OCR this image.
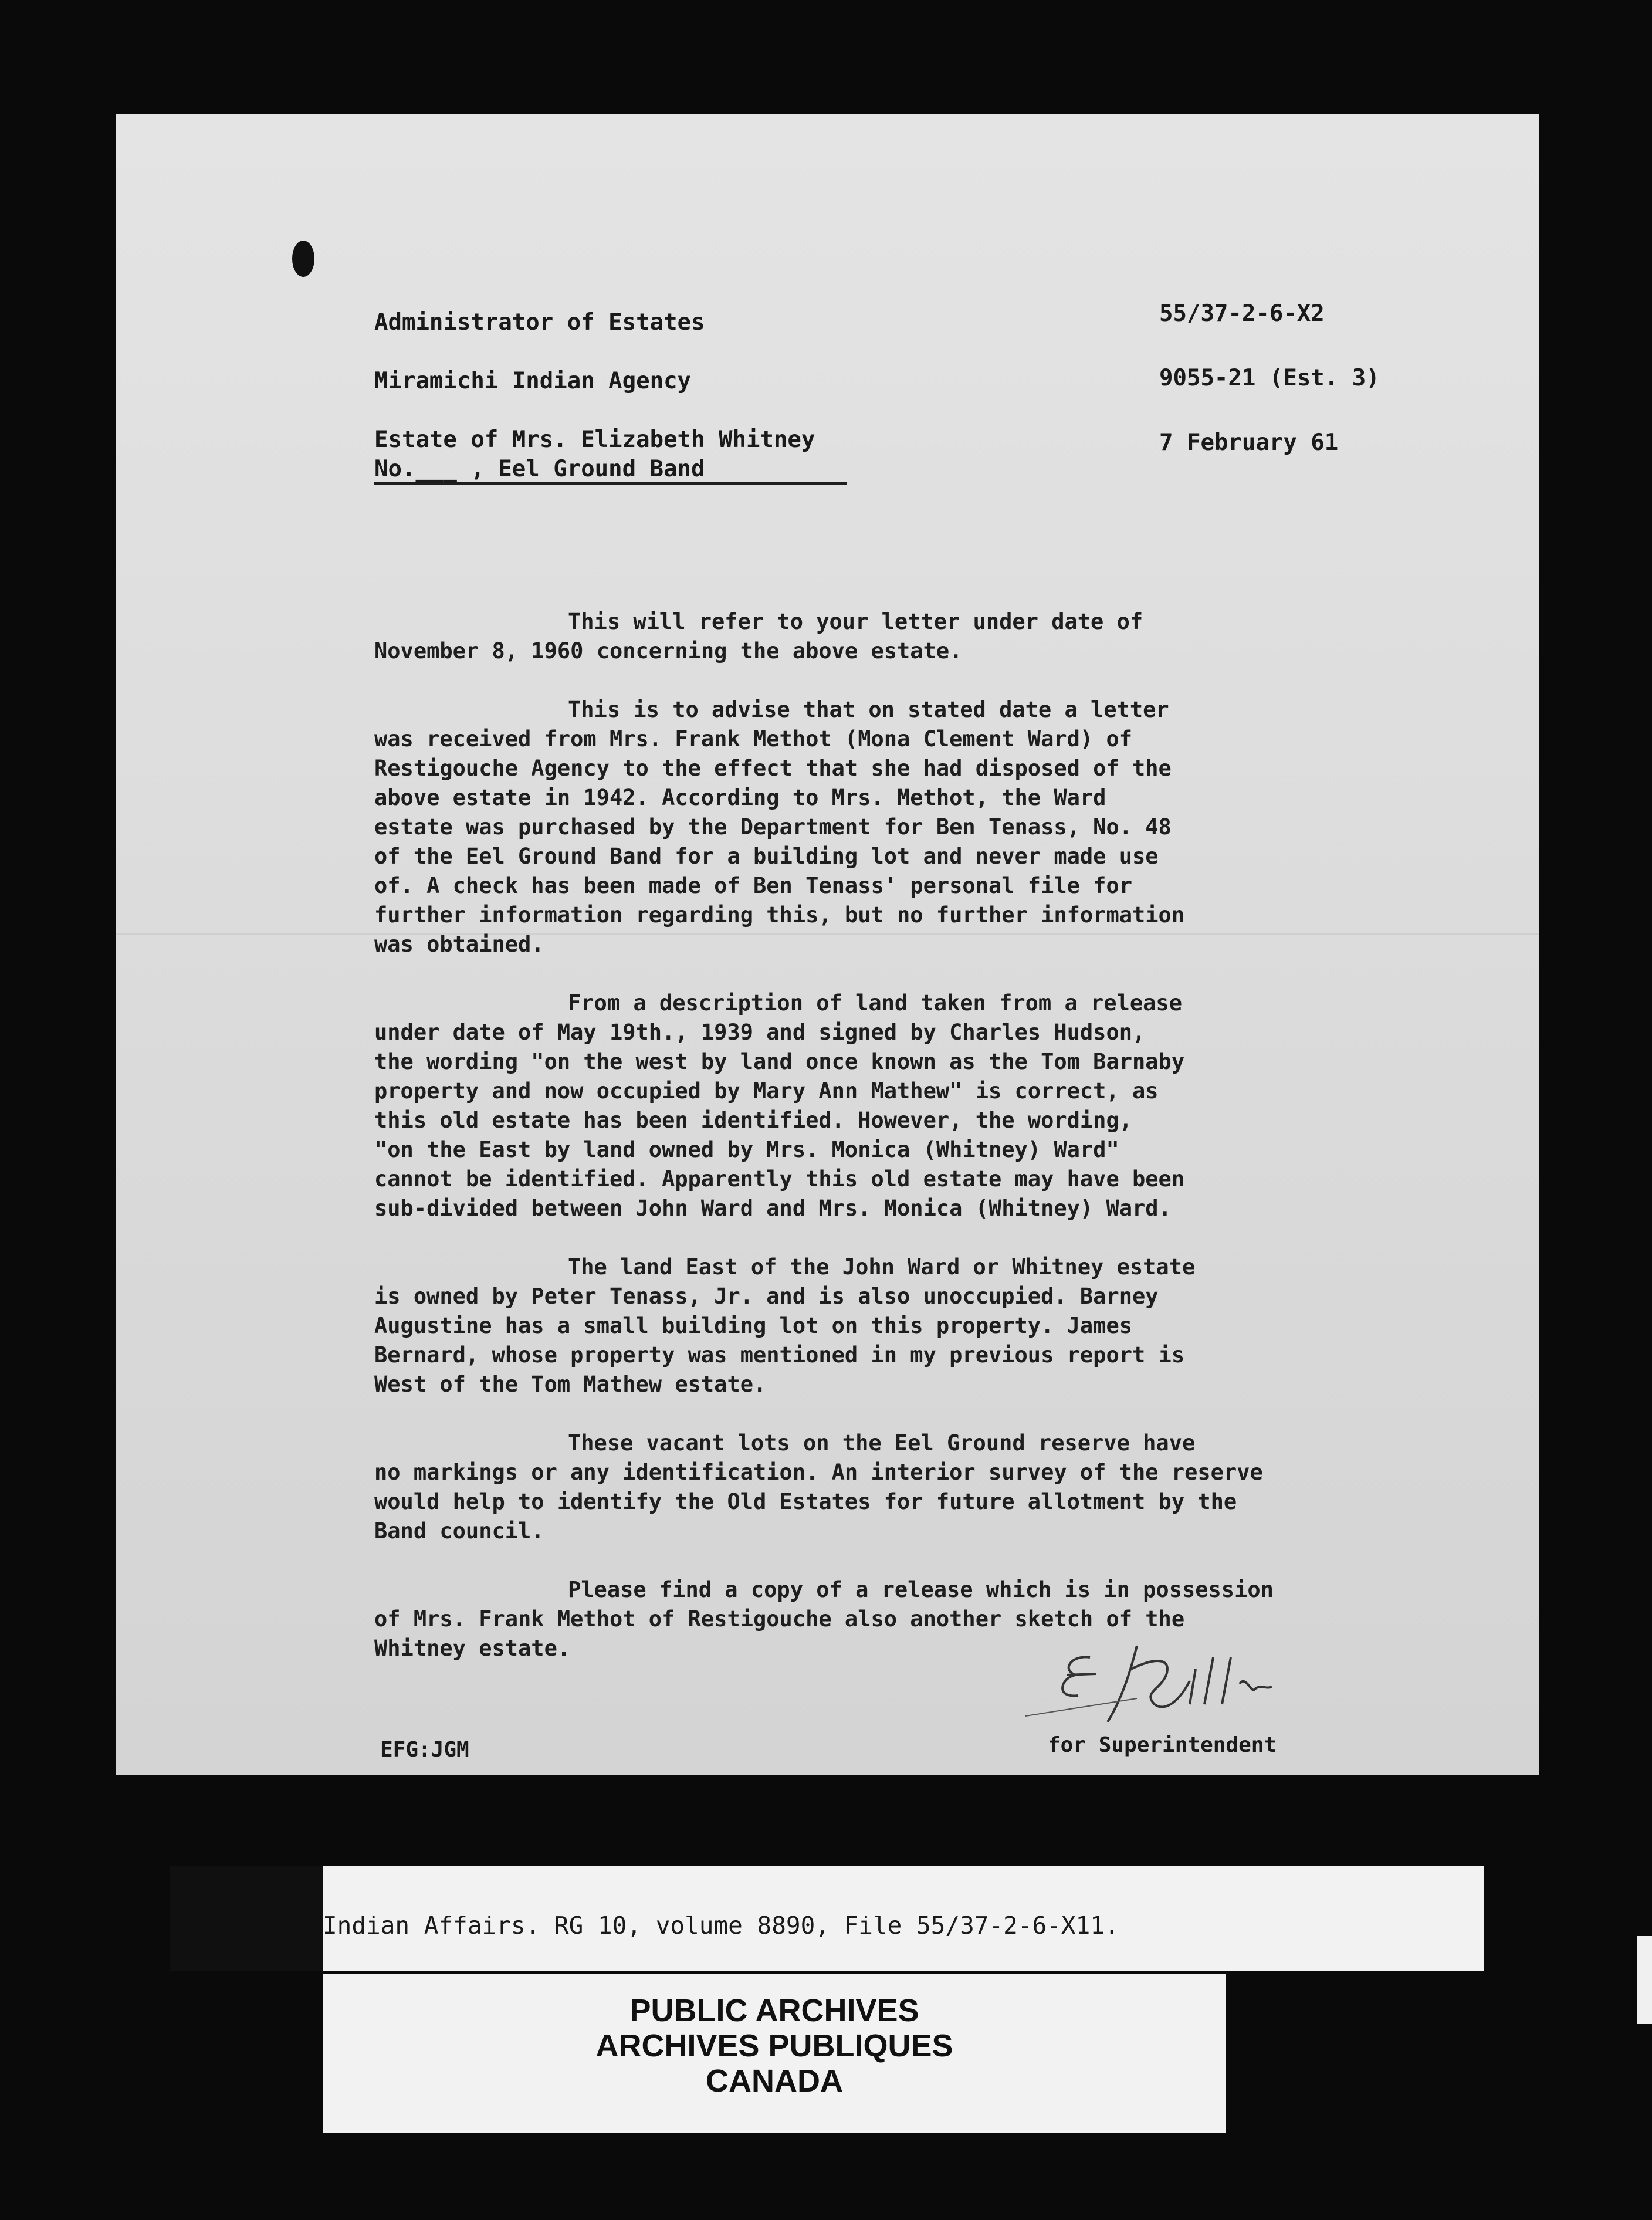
Administrator of Estates
Miramichi Indian Agency
Estate of Mrs. Elizabeth Whitney
No.___ , Eel Ground Band
55/37-2-6-X2
9055-21 (Est. 3)
7 February 61

This will refer to your letter under date of
November 8, 1960 concerning the above estate.

This is to advise that on stated date a letter
was received from Mrs. Frank Methot (Mona Clement Ward) of
Restigouche Agency to the effect that she had disposed of the
above estate in 1942. According to Mrs. Methot, the Ward
estate was purchased by the Department for Ben Tenass, No. 48
of the Eel Ground Band for a building lot and never made use
of. A check has been made of Ben Tenass' personal file for
further information regarding this, but no further information
was obtained.

From a description of land taken from a release
under date of May 19th., 1939 and signed by Charles Hudson,
the wording "on the west by land once known as the Tom Barnaby
property and now occupied by Mary Ann Mathew" is correct, as
this old estate has been identified. However, the wording,
"on the East by land owned by Mrs. Monica (Whitney) Ward"
cannot be identified. Apparently this old estate may have been
sub-divided between John Ward and Mrs. Monica (Whitney) Ward.

The land East of the John Ward or Whitney estate
is owned by Peter Tenass, Jr. and is also unoccupied. Barney
Augustine has a small building lot on this property. James
Bernard, whose property was mentioned in my previous report is
West of the Tom Mathew estate.

These vacant lots on the Eel Ground reserve have
no markings or any identification. An interior survey of the reserve
would help to identify the Old Estates for future allotment by the
Band council.

Please find a copy of a release which is in possession
of Mrs. Frank Methot of Restigouche also another sketch of the
Whitney estate.

EFG:JGM	for Superintendent
Indian Affairs. RG 10, volume 8890, File 55/37-2-6-X11.
PUBLIC ARCHIVES
ARCHIVES PUBLIQUES
CANADA
